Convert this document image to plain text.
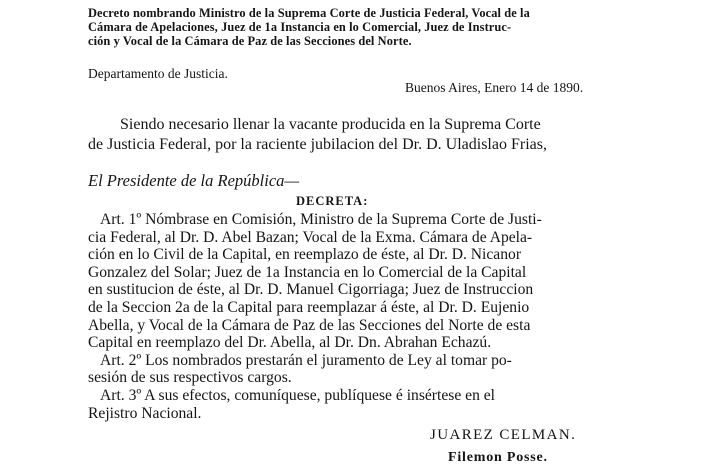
Decreto nombrando Ministro de la Suprema Corte de Justicia Federal, Vocal de la
Cámara de Apelaciones, Juez de 1a Instancia en lo Comercial, Juez de Instruc-
ción y Vocal de la Cámara de Paz de las Secciones del Norte.
Departamento de Justicia.
Buenos Aires, Enero 14 de 1890.
Siendo necesario llenar la vacante producida en la Suprema Corte
de Justicia Federal, por la raciente jubilacion del Dr. D. Uladislao Frias,
El Presidente de la República—
DECRETA:
Art. 1º Nómbrase en Comisión, Ministro de la Suprema Corte de Justi-
cia Federal, al Dr. D. Abel Bazan; Vocal de la Exma. Cámara de Apela-
ción en lo Civil de la Capital, en reemplazo de éste, al Dr. D. Nicanor
Gonzalez del Solar; Juez de 1a Instancia en lo Comercial de la Capital
en sustitucion de éste, al Dr. D. Manuel Cigorriaga; Juez de Instruccion
de la Seccion 2a de la Capital para reemplazar á éste, al Dr. D. Eujenio
Abella, y Vocal de la Cámara de Paz de las Secciones del Norte de esta
Capital en reemplazo del Dr. Abella, al Dr. Dn. Abrahan Echazú.
Art. 2º Los nombrados prestarán el juramento de Ley al tomar po-
sesión de sus respectivos cargos.
Art. 3º A sus efectos, comuníquese, publíquese é insértese en el
Rejistro Nacional.
JUAREZ CELMAN.
Filemon Posse.
